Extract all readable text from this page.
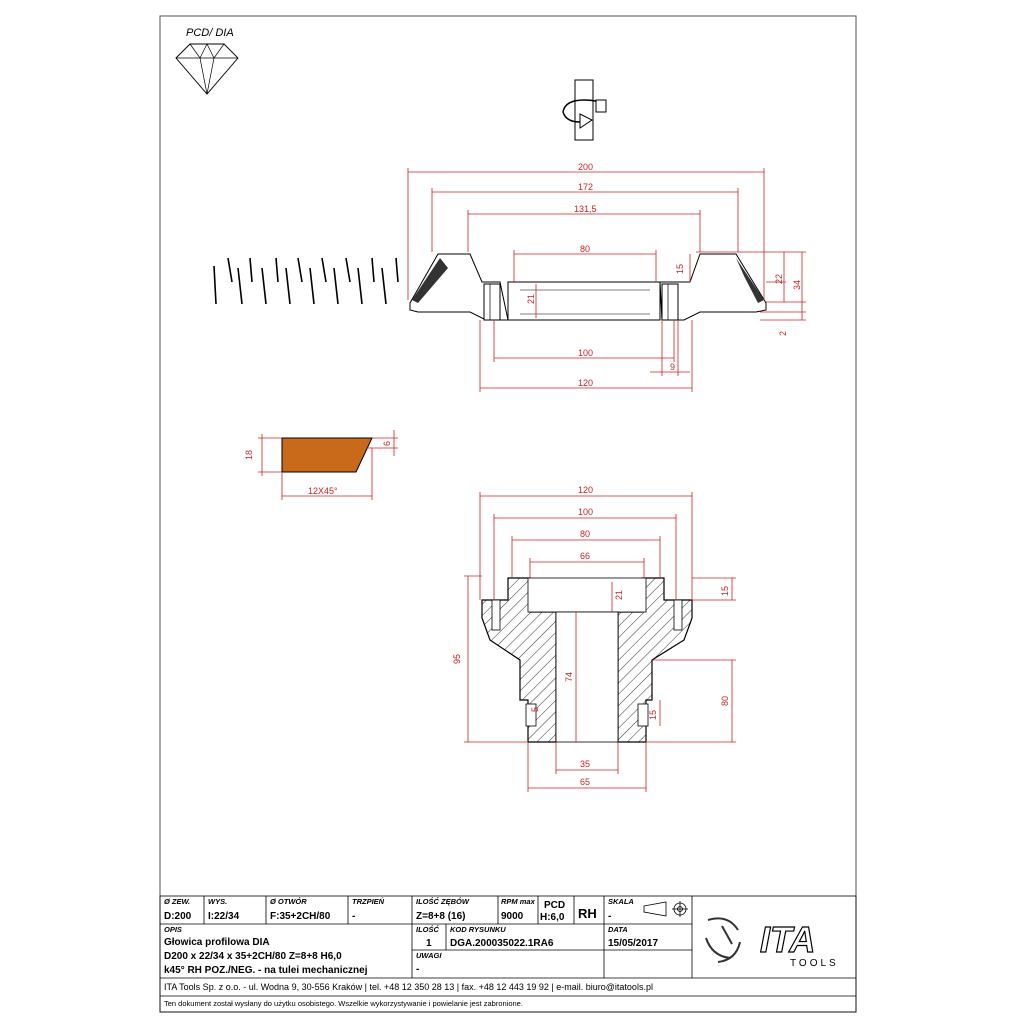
PCD/ DIA
200
172
131,5
80
15
22
34
21
100
9
120
2
18
6
12X45°	120
100
80
66
21	15
95
74
80
15
5
35
65
Ø ZEW.
D:200
WYS.
I:22/34
Ø OTWÓR
F:35+2CH/80
TRZPIEŃ
-
ILOŚĆ ZĘBÓW
Z=8+8 (16)
RPM max
9000
PCD
H:6,0 RH
SKALA
-
OPIS
Głowica profilowa DIA
D200 x 22/34 x 35+2CH/80 Z=8+8 H6,0
k45° RH POZ./NEG. - na tulei mechanicznej
ILOŚĆ
1
KOD RYSUNKU
DGA.200035022.1RA6
DATA
15/05/2017
UWAGI
-
ITA
TOOLS
ITA Tools Sp. z o.o. - ul. Wodna 9, 30-556 Kraków | tel. +48 12 350 28 13 | fax. +48 12 443 19 92 | e-mail. biuro@itatools.pl
Ten dokument został wysłany do użytku osobistego. Wszelkie wykorzystywanie i powielanie jest zabronione.
